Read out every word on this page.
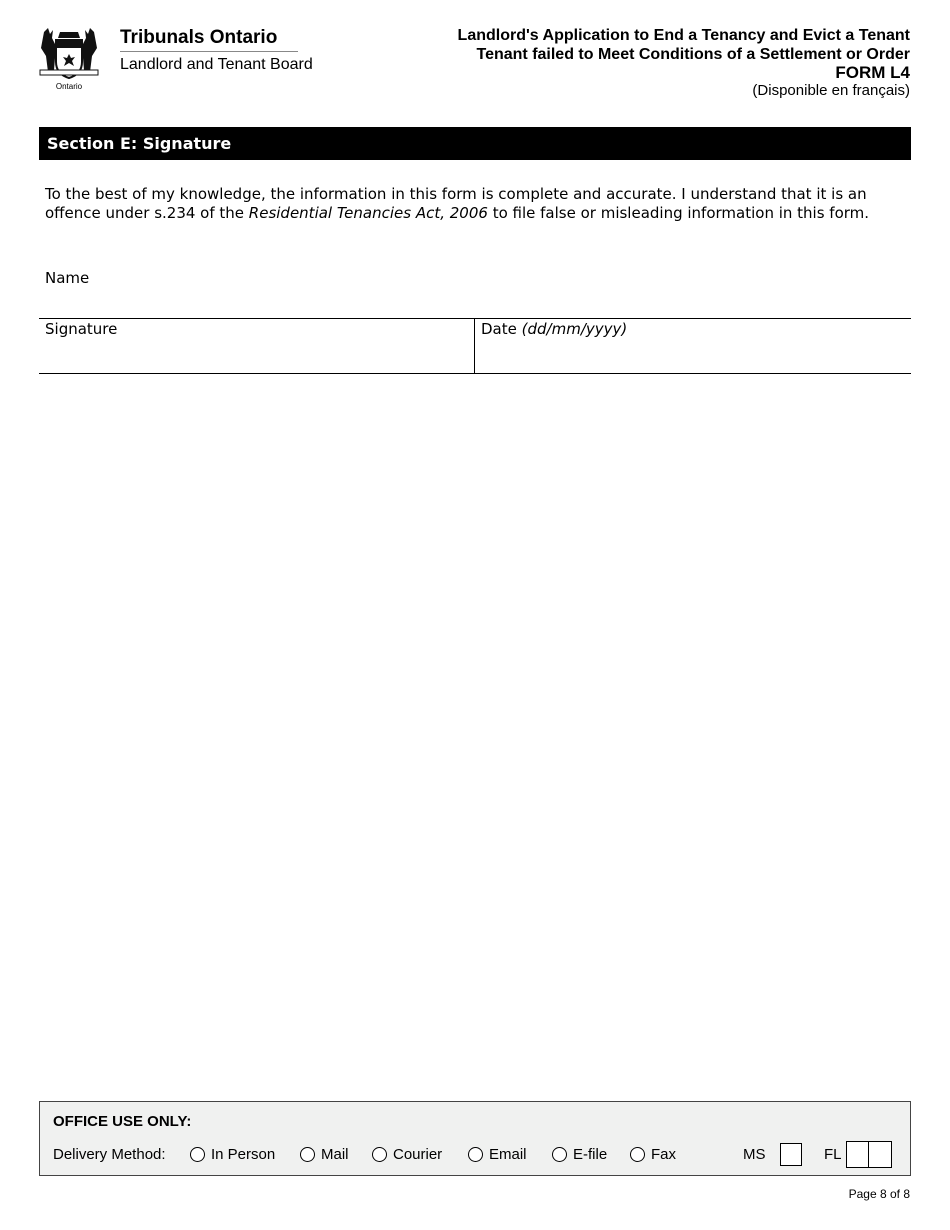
Ontario
Tribunals Ontario
Landlord and Tenant Board
Landlord's Application to End a Tenancy and Evict a Tenant
Tenant failed to Meet Conditions of a Settlement or Order
FORM L4
(Disponible en français)
Section E: Signature
To the best of my knowledge, the information in this form is complete and accurate. I understand that it is an offence under s.234 of the Residential Tenancies Act, 2006 to file false or misleading information in this form.
Name
Signature	Date (dd/mm/yyyy)
OFFICE USE ONLY:
Delivery Method:	In Person	Mail	Courier	Email	E-file	Fax	MS	FL
Page 8 of 8
